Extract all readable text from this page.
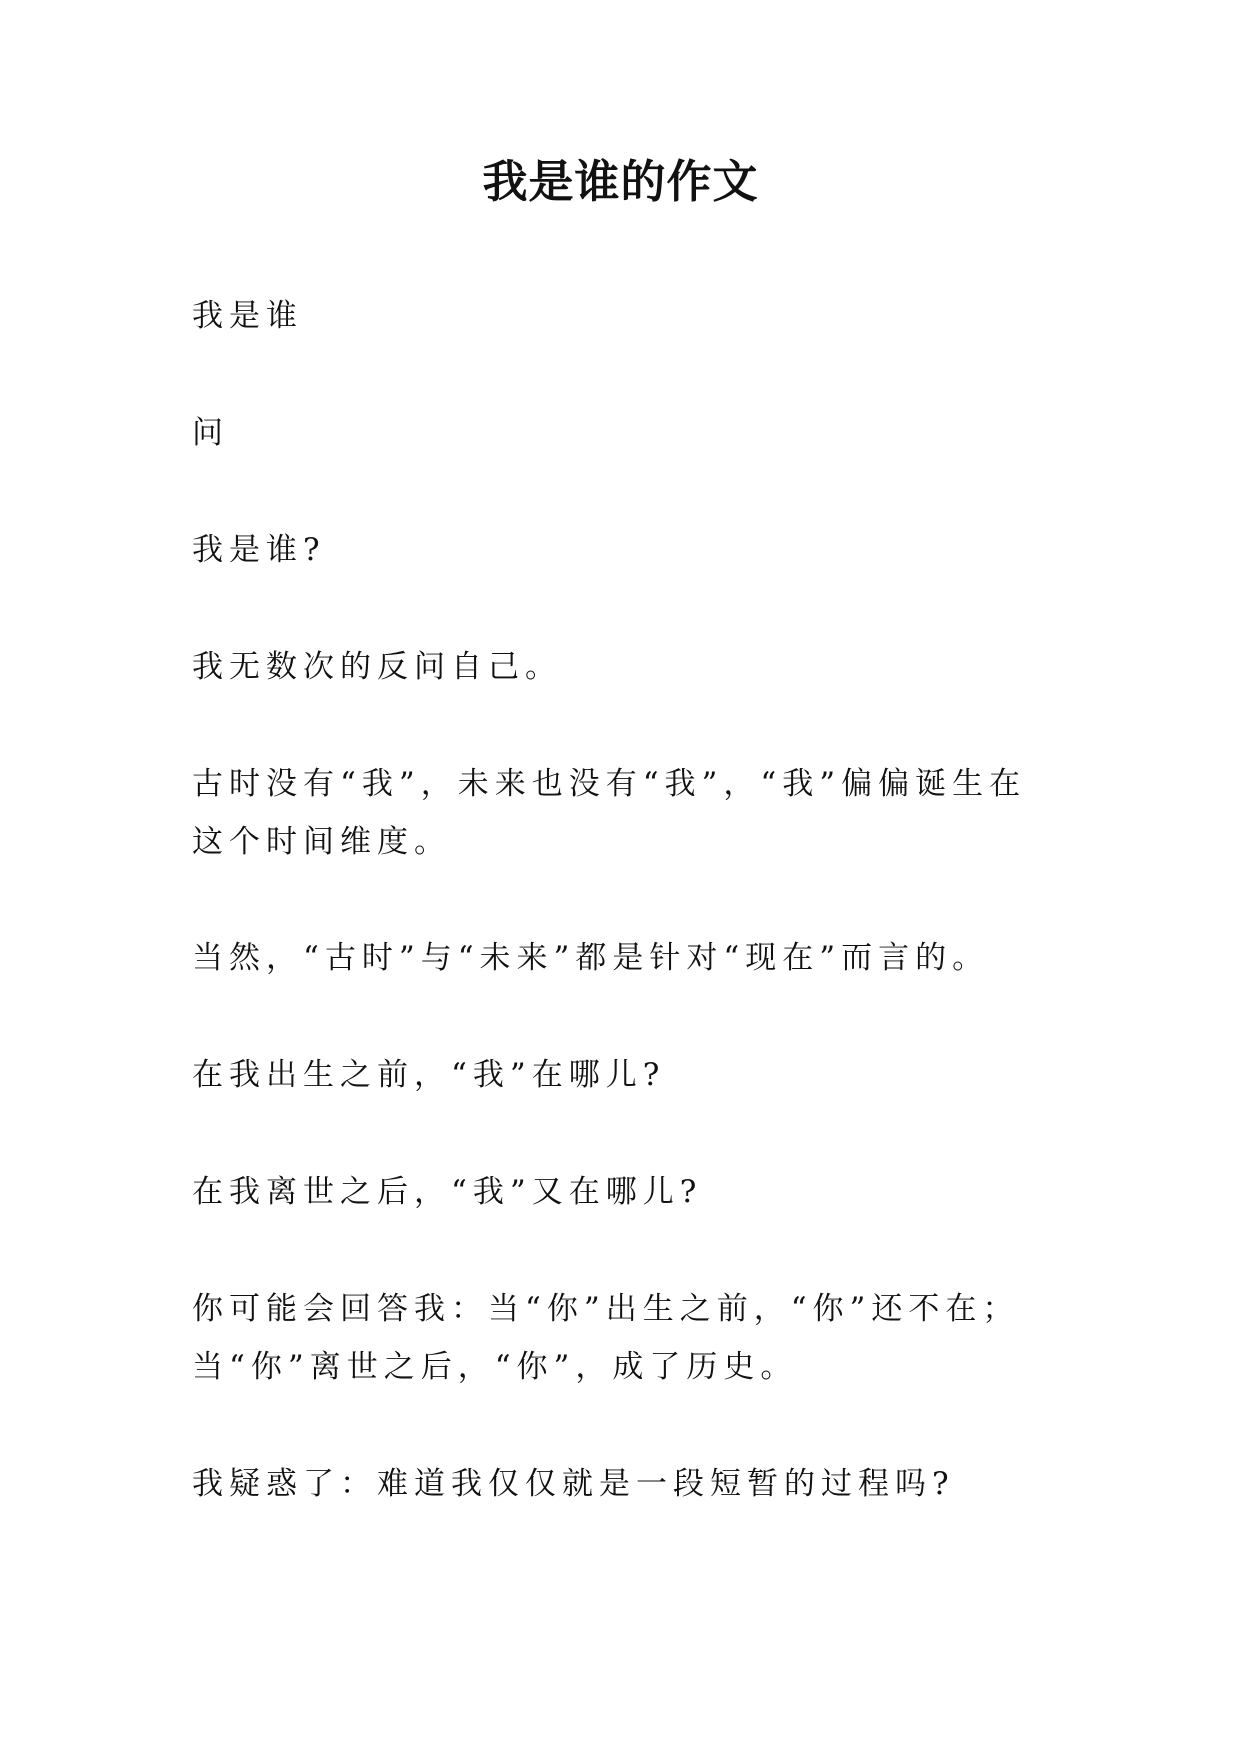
我是谁的作文
我是谁
问
我是谁?
我无数次的反问自己。
古时没有“我”，未来也没有“我”，“我”偏偏诞生在这个时间维度。
当然，“古时”与“未来”都是针对“现在”而言的。
在我出生之前，“我”在哪儿?
在我离世之后，“我”又在哪儿?
你可能会回答我：当“你”出生之前，“你”还不在；当“你”离世之后，“你”，成了历史。
我疑惑了：难道我仅仅就是一段短暂的过程吗?
